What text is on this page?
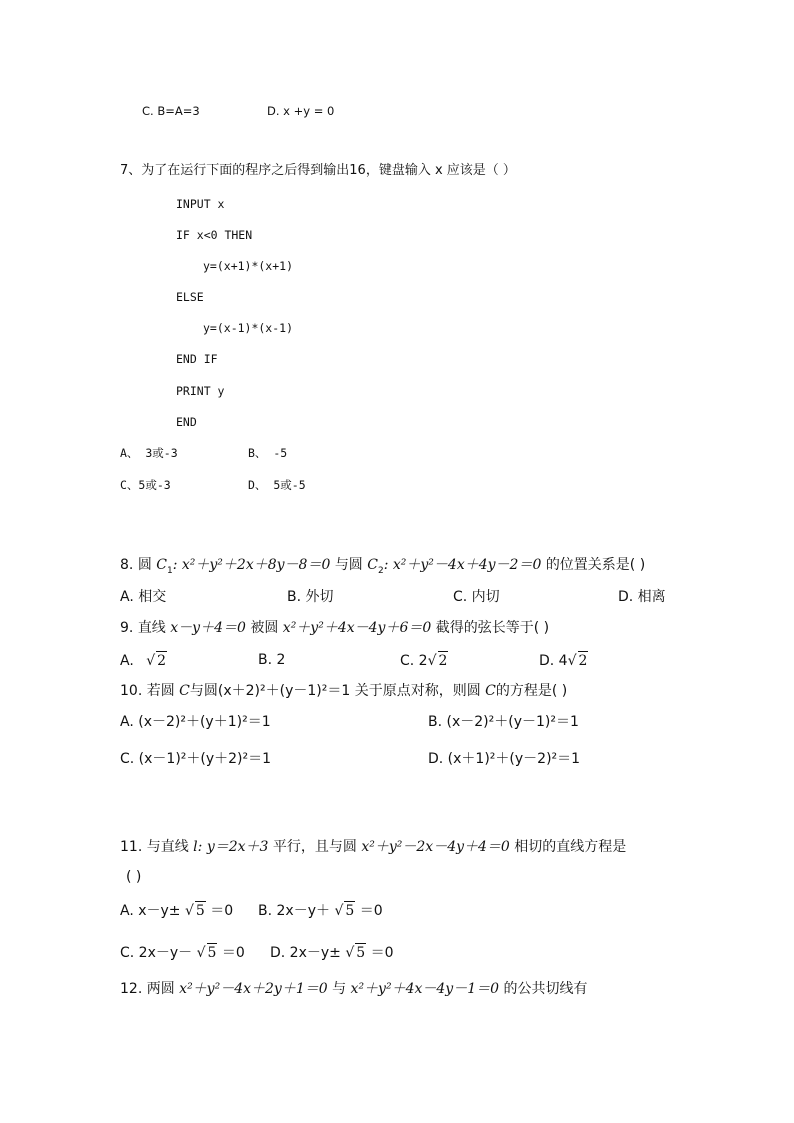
C. B=A=3	D. x +y = 0
7、为了在运行下面的程序之后得到输出16，键盘输入 x 应该是（ ）
INPUT x
IF x<0 THEN
y=(x+1)*(x+1)
ELSE
y=(x-1)*(x-1)
END IF
PRINT y
END
A、 3或-3	B、 -5
C、5或-3	D、 5或-5
8. 圆 $C_1$: x²＋y²＋2x＋8y－8＝0 与圆 $C_2$: x²＋y²－4x＋4y－2＝0 的位置关系是( )
A. 相交	B. 外切	C. 内切	D. 相离
9. 直线 x－y＋4＝0 被圆 x²＋y²＋4x－4y＋6＝0 截得的弦长等于( )
A. √ 2	B. 2	C. 2√ 2	D. 4√ 2
10. 若圆 C与圆(x＋2)²＋(y－1)²＝1 关于原点对称，则圆 C的方程是( )
A. (x－2)²＋(y＋1)²＝1	B. (x－2)²＋(y－1)²＝1
C. (x－1)²＋(y＋2)²＝1	D. (x＋1)²＋(y－2)²＝1
11. 与直线 l: y＝2x＋3 平行，且与圆 x²＋y²－2x－4y＋4＝0 相切的直线方程是
( )
A. x－y± √ 5 ＝0 B. 2x－y＋ √ 5 ＝0
C. 2x－y－ √ 5 ＝0 D. 2x－y± √ 5 ＝0
12. 两圆 x²＋y²－4x＋2y＋1＝0 与 x²＋y²＋4x－4y－1＝0 的公共切线有
